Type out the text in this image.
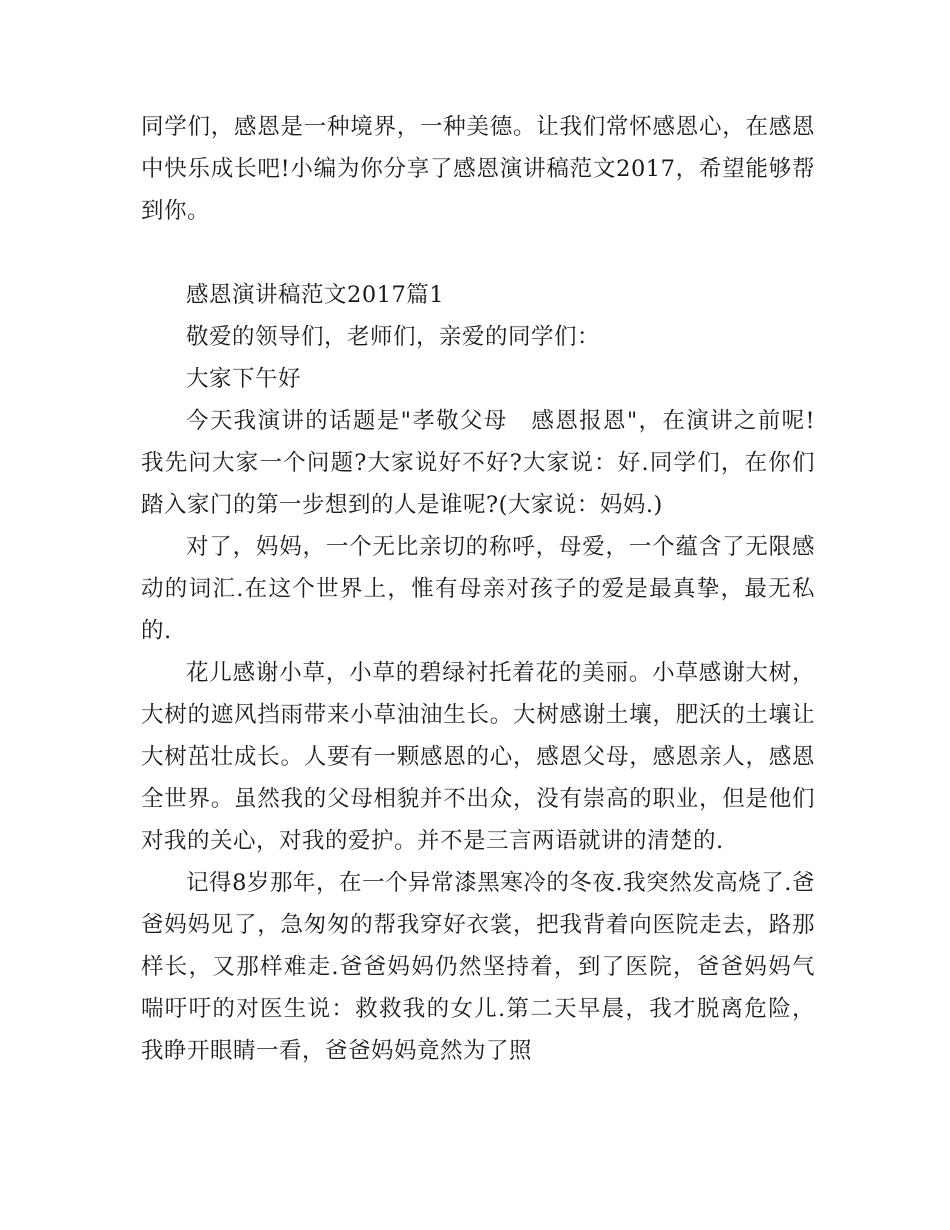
同学们，感恩是一种境界，一种美德。让我们常怀感恩心，在感恩中快乐成长吧!小编为你分享了感恩演讲稿范文2017，希望能够帮到你。

感恩演讲稿范文2017篇1

敬爱的领导们，老师们，亲爱的同学们：

大家下午好

今天我演讲的话题是"孝敬父母　感恩报恩"，在演讲之前呢!我先问大家一个问题?大家说好不好?大家说：好.同学们，在你们踏入家门的第一步想到的人是谁呢?(大家说：妈妈.)

对了，妈妈，一个无比亲切的称呼，母爱，一个蕴含了无限感动的词汇.在这个世界上，惟有母亲对孩子的爱是最真挚，最无私的.

花儿感谢小草，小草的碧绿衬托着花的美丽。小草感谢大树，大树的遮风挡雨带来小草油油生长。大树感谢土壤，肥沃的土壤让大树茁壮成长。人要有一颗感恩的心，感恩父母，感恩亲人，感恩全世界。虽然我的父母相貌并不出众，没有崇高的职业，但是他们对我的关心，对我的爱护。并不是三言两语就讲的清楚的.

记得8岁那年，在一个异常漆黑寒冷的冬夜.我突然发高烧了.爸爸妈妈见了，急匆匆的帮我穿好衣裳，把我背着向医院走去，路那样长，又那样难走.爸爸妈妈仍然坚持着，到了医院，爸爸妈妈气喘吁吁的对医生说：救救我的女儿.第二天早晨，我才脱离危险，我睁开眼睛一看，爸爸妈妈竟然为了照
